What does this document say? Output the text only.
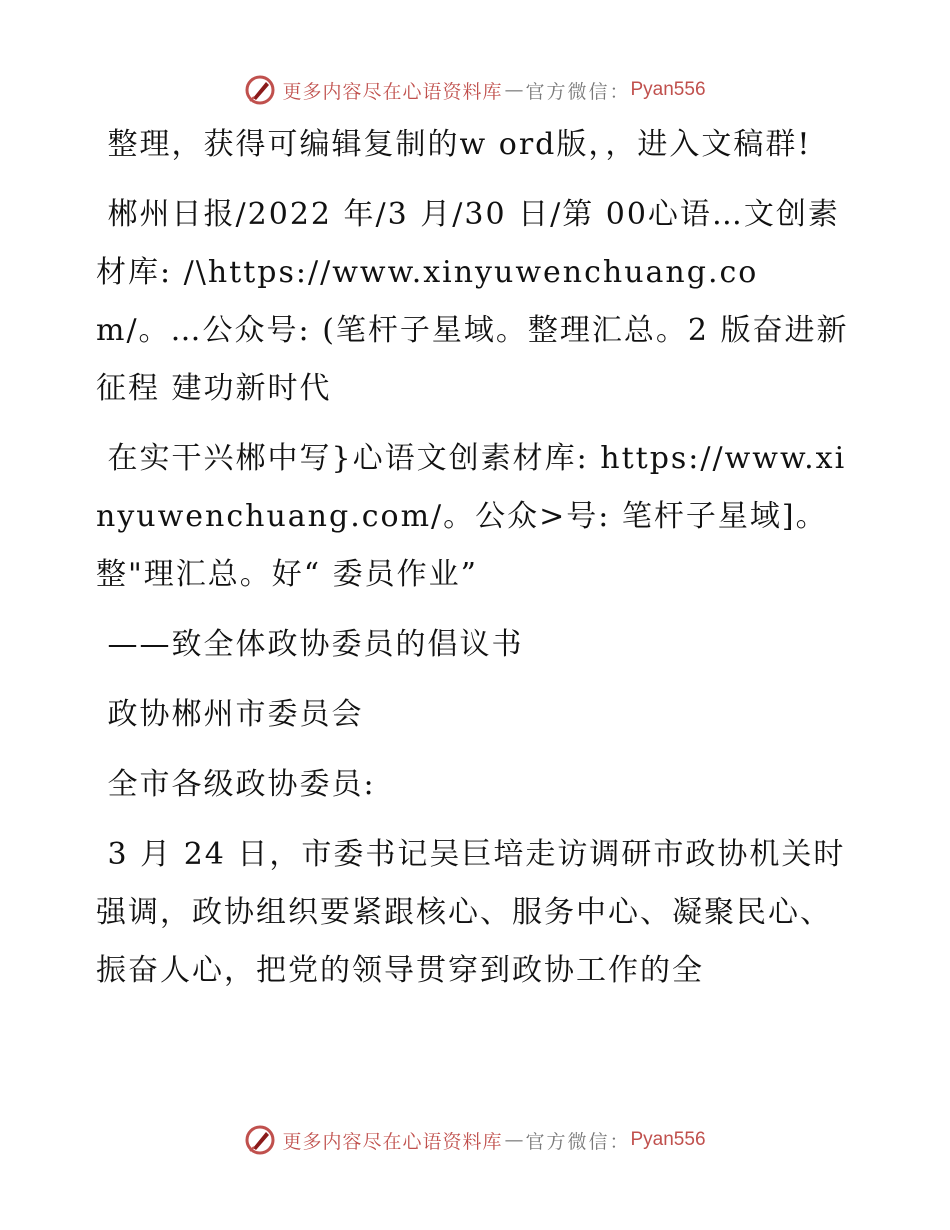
更多内容尽在心语资料库 — 官方微信： Pyan556

整理，获得可编辑复制的w ord版，，进入文稿群!

郴州日报/2022 年/3 月/30 日/第 00心语…文创素材库: /\https://www.xinyuwenchuang.com/。…公众号: (笔杆子星域。整理汇总。2 版奋进新征程 建功新时代

在实干兴郴中写}心语文创素材库: https://www.xinyuwenchuang.com/。公众>号: 笔杆子星域]。整"理汇总。好“ 委员作业”

——致全体政协委员的倡议书

政协郴州市委员会

全市各级政协委员:

3 月 24 日，市委书记吴巨培走访调研市政协机关时强调，政协组织要紧跟核心、服务中心、凝聚民心、振奋人心，把党的领导贯穿到政协工作的全

更多内容尽在心语资料库 — 官方微信： Pyan556
